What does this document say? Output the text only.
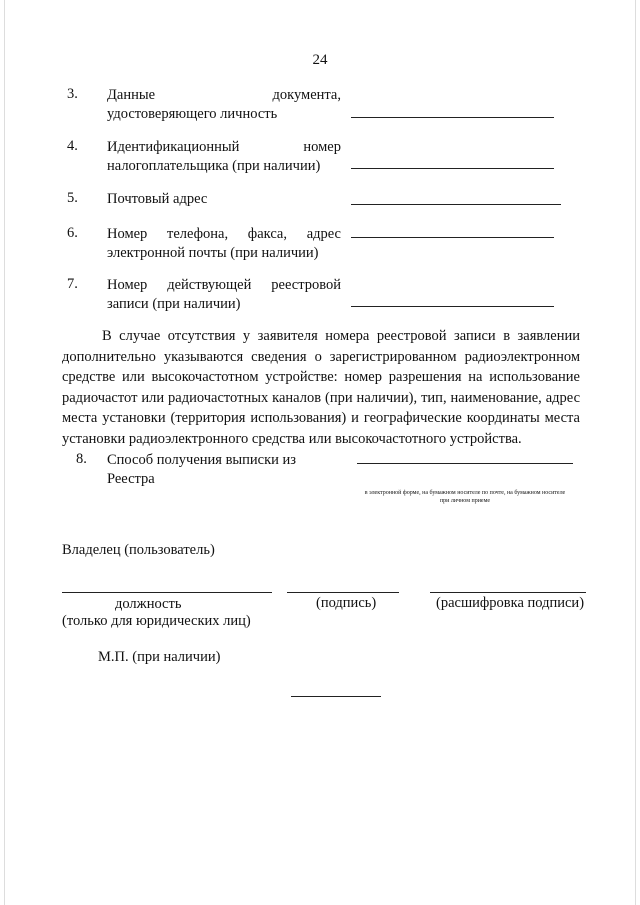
24
3. Данные документа,
удостоверяющего личность
4. Идентификационный номер
налогоплательщика (при наличии)
5. Почтовый адрес
6. Номер телефона, факса, адрес
электронной почты (при наличии)
7. Номер действующей реестровой
записи (при наличии)
В случае отсутствия у заявителя номера реестровой записи в заявлении дополнительно указываются сведения о зарегистрированном радиоэлектронном средстве или высокочастотном устройстве: номер разрешения на использование радиочастот или радиочастотных каналов (при наличии), тип, наименование, адрес места установки (территория использования) и географические координаты места установки радиоэлектронного средства или высокочастотного устройства.
8. Способ получения выписки из
Реестра
в электронной форме, на бумажном носителе по почте, на бумажном носителе
при личном приеме
Владелец (пользователь)
должность
(только для юридических лиц)
(подпись)	(расшифровка подписи)
М.П. (при наличии)
